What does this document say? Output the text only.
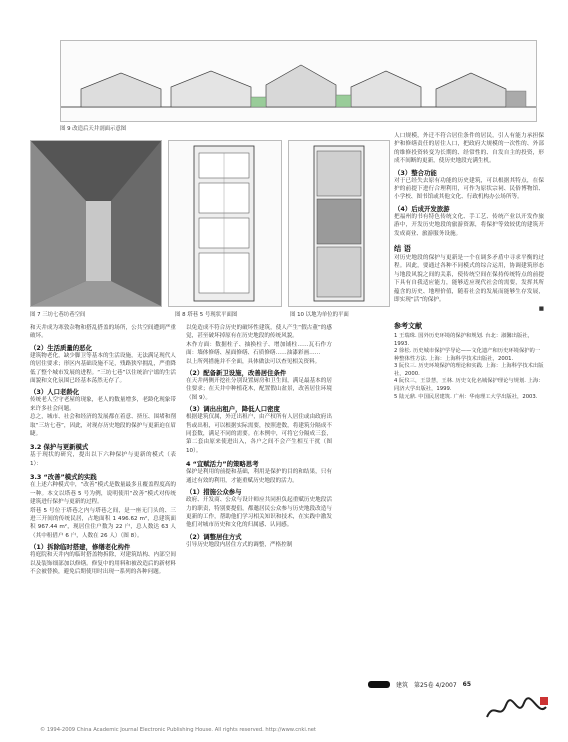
图 9 改造后天井剖面示意图
图 7 三坊七巷坊巷空间	图 8 塔巷 5 号现状平面图	图 10 以地为单位的平面
和天井成为寒敦杂物和搭乱搭盖的场所，公共空间遭到严重破坏。
（2）生活质量的恶化
建筑物老化，缺少脚卫等基本的生活设施，无法满足现代人的居住要求；形区内基础设施不足，残路狭窄拥乱，严重降低了整个城市发展的进程。“三坊七巷”以住统治宁谧的生活面貌和文化氛围已经基本荡然无存了。
（3）人口老龄化
传统老人空守老屋的现象，老人的数量增多，老龄化现象带来许多社会问题。
总之，城市、社会和经济的发展都在着意、挤压、围堵和削取“三坊七巷”，因此，对现存历史地段的保护与更新迫在眉睫。
3.2 保护与更新模式
基于现状的研究，提出以下六种保护与更新的模式（表 1）：
3.3 “改善”模式的实践
在上述六种模式中，“改善”模式是数量最多且覆盖程度高的一种。本文以塔巷 5 号为例，说明使用“改善”模式对传统建筑进行保护与更新的过程。
塔巷 5 号位于塔巷之内与塔巷之间，是一座无门头的、三进三开间的传统民居，占地面积 1 496.62 m²，总建筑面积 967.44 m²，现居住住户数为 22 户，总人数达 63 人（其中租借户 6 户，人数在 26 人）（图 8）。
（1）拆除临时搭建，修缮老化构件
将庭院和天井内的临时搭盖物拆除，对建筑结构、内部空间以及装饰细部加以修缮。修复中的用料和被改造后的新材料不会被替换，避免后期使用时出现一系列的各种问题。
以免造成不符合历史的破坏性建筑，使人产生“假古董”的感觉，甚至破坏掉原有在历史地段的传统风貌。
木作方面：数据柱子、抽换柱子、增加铺柱……瓦石作方面：墙体修缮、屋面修缮、石质修缮……油漆彩画……
以上所列措施并不全面，具体做法可以查见相关资料。
（2）配备新卫设施，改善居住条件
在天井两侧开挖社分别设置厨房和卫生间，满足最基本的居住要求；在天井中种植花木，配置假山盆景，改善居住环境（图 9）。
（3）调出出租户，降低人口密度
根据建筑仅属，外迁出租户，由产权所有人居住或由政府出售或出租，可以根据实际需要，按照进数，将建筑分隔成不同套数，满足不同的需要。在本例中，可将它分隔成三套，第二套由原来使进出入，各户之间不会产生相互干扰（图 10）。
4 “宜赋活力”的策略思考
保护是利用的前提和基础，利用是保护的目的和结果，只有通过有效的利用，才能重赋历史地段的活力。
（1）措施公众参与
政府、开发商、公众与设计师应共同担负起重赋历史地段活力的职责，特别要提倡，都邀居民公众参与历史地段改造与更新的工作，帮助他们学习相关知识和技术，在实践中激发他们对城市历史和文化的归属感、认同感。
（2）调整居住方式
引导历史地段内居住方式的调整，严格控制
人口规模，外迁不符合居住条件的居民，引人有能力承担保护和修缮责任的居住人口，把政府大规模的一次性的、外部的维修投资转变为长期的、经常性的、自发自主的投资，形成不间断的更新，使历史地段充满生机。
（3）整合功能
对于已经失去原有功能的历史建筑，可以根据其特点，在保护的前提下进行合理利用，可作为原状宗祠、民俗博物馆、小学校、图书馆或其他文化、行政机构办公场所等。
（4）后成开发旅游
把福州的书有特色传统文化、手工艺、传统产业以开发作旅游中，开发历史地段的旅游资源，将保护等效较优的建筑开发成商业、旅游服务设施。
结 语
对历史地段的保护与更新是一个在调多矛盾中寻求平衡的过程。因此，要通过各种不同模式的综合运用，协调建筑形态与地段风貌之间的关系，使传统空间在保持传统特点的前提下具有自我适应能力，能够适应现代社会的需要，发挥其所蕴含的历史、地理价值，随着社会的发展而能够生存发展，即实现“活”的保护。
■
参考文献
1 王瑞珠. 国外历史环境的保护和规划. 台北：淑馨出版社，1993.
2 徐松. 历史城市保护学导论——文化遗产和历史环境保护的一种整体性方法. 上海：上海科学技术出版社，2001.
3 阮仪三. 历史环境保护的理论和实践. 上海：上海科学技术出版社，2000.
4 阮仪三，王景慧，王林. 历史文化名城保护理论与规划. 上海：同济大学出版社，1999.
5 陆元鼎. 中国民居建筑. 广州：华南理工大学出版社，2003.
建筑 第25卷 4/2007 65
© 1994-2009 China Academic Journal Electronic Publishing House. All rights reserved. http://www.cnki.net
